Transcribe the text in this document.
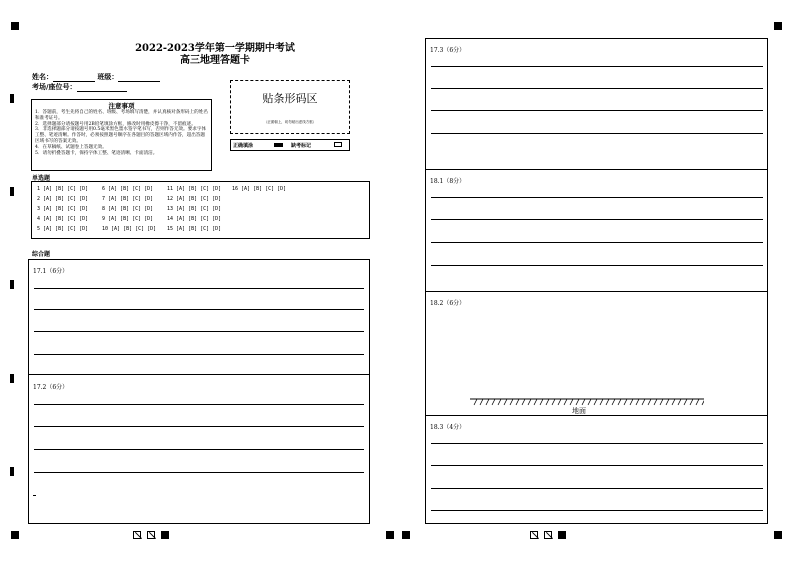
2022-2023学年第一学期期中考试
高三地理答题卡
姓名：	班级：
考场/座位号：
注意事项
1．答题前，考生先将自己的姓名、班级、考场填写清楚，并认真核对条形码上的姓名和准考证号。
2．选择题部分请按题号用2B铅笔填涂方框，修改时用橡皮擦干净，不留痕迹。
3．非选择题部分请按题号用0.5毫米黑色墨水签字笔书写，否则作答无效。要求字体工整、笔迹清晰。作答时，必须按照题号顺序在各题目的答题区域内作答，超出答题区域书写的答案无效。
4．在草稿纸、试题卷上答题无效。
5．请勿折叠答题卡，保持字体工整、笔迹清晰、卡面清洁。
贴条形码区
（正面朝上，切勿贴出虚线方框）
正确填涂	缺考标记
单选题
1 [A] [B] [C] [D]	6 [A] [B] [C] [D]	11 [A] [B] [C] [D] 16 [A] [B] [C] [D]
2 [A] [B] [C] [D]	7 [A] [B] [C] [D]	12 [A] [B] [C] [D]
3 [A] [B] [C] [D]	8 [A] [B] [C] [D]	13 [A] [B] [C] [D]
4 [A] [B] [C] [D]	9 [A] [B] [C] [D]	14 [A] [B] [C] [D]
5 [A] [B] [C] [D]	10 [A] [B] [C] [D] 15 [A] [B] [C] [D]
综合题
17.1（6分）
17.2（6分）
17.3（6分）
18.1（8分）
18.2（6分）
地面
18.3（4分）
